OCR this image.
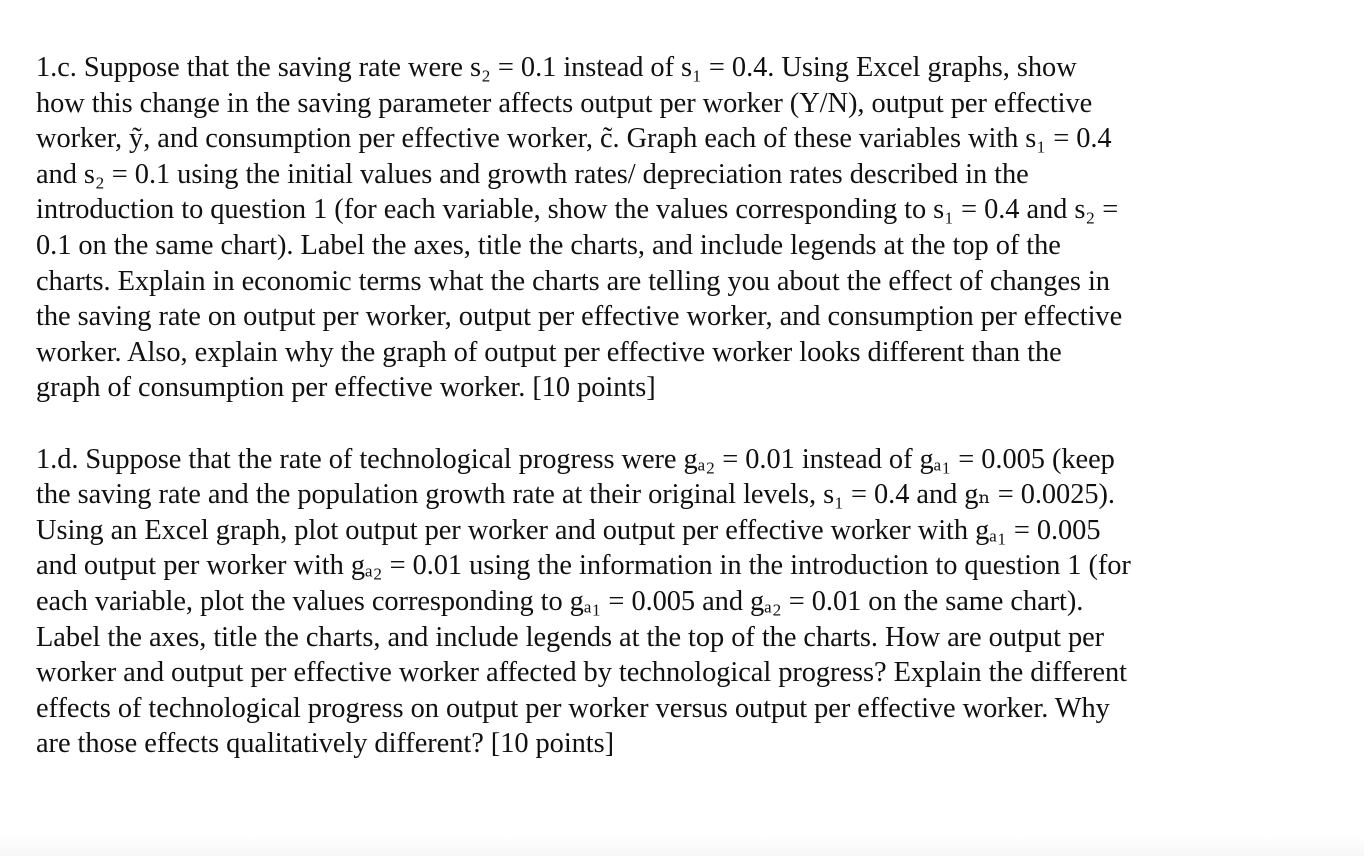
1.c. Suppose that the saving rate were s₂ = 0.1 instead of s₁ = 0.4. Using Excel graphs, show
how this change in the saving parameter affects output per worker (Y/N), output per effective
worker, ỹ, and consumption per effective worker, c̃. Graph each of these variables with s₁ = 0.4
and s₂ = 0.1 using the initial values and growth rates/ depreciation rates described in the
introduction to question 1 (for each variable, show the values corresponding to s₁ = 0.4 and s₂ =
0.1 on the same chart). Label the axes, title the charts, and include legends at the top of the
charts. Explain in economic terms what the charts are telling you about the effect of changes in
the saving rate on output per worker, output per effective worker, and consumption per effective
worker. Also, explain why the graph of output per effective worker looks different than the
graph of consumption per effective worker. [10 points]
1.d. Suppose that the rate of technological progress were gₐ₂ = 0.01 instead of gₐ₁ = 0.005 (keep
the saving rate and the population growth rate at their original levels, s₁ = 0.4 and gₙ = 0.0025).
Using an Excel graph, plot output per worker and output per effective worker with gₐ₁ = 0.005
and output per worker with gₐ₂ = 0.01 using the information in the introduction to question 1 (for
each variable, plot the values corresponding to gₐ₁ = 0.005 and gₐ₂ = 0.01 on the same chart).
Label the axes, title the charts, and include legends at the top of the charts. How are output per
worker and output per effective worker affected by technological progress? Explain the different
effects of technological progress on output per worker versus output per effective worker. Why
are those effects qualitatively different? [10 points]
